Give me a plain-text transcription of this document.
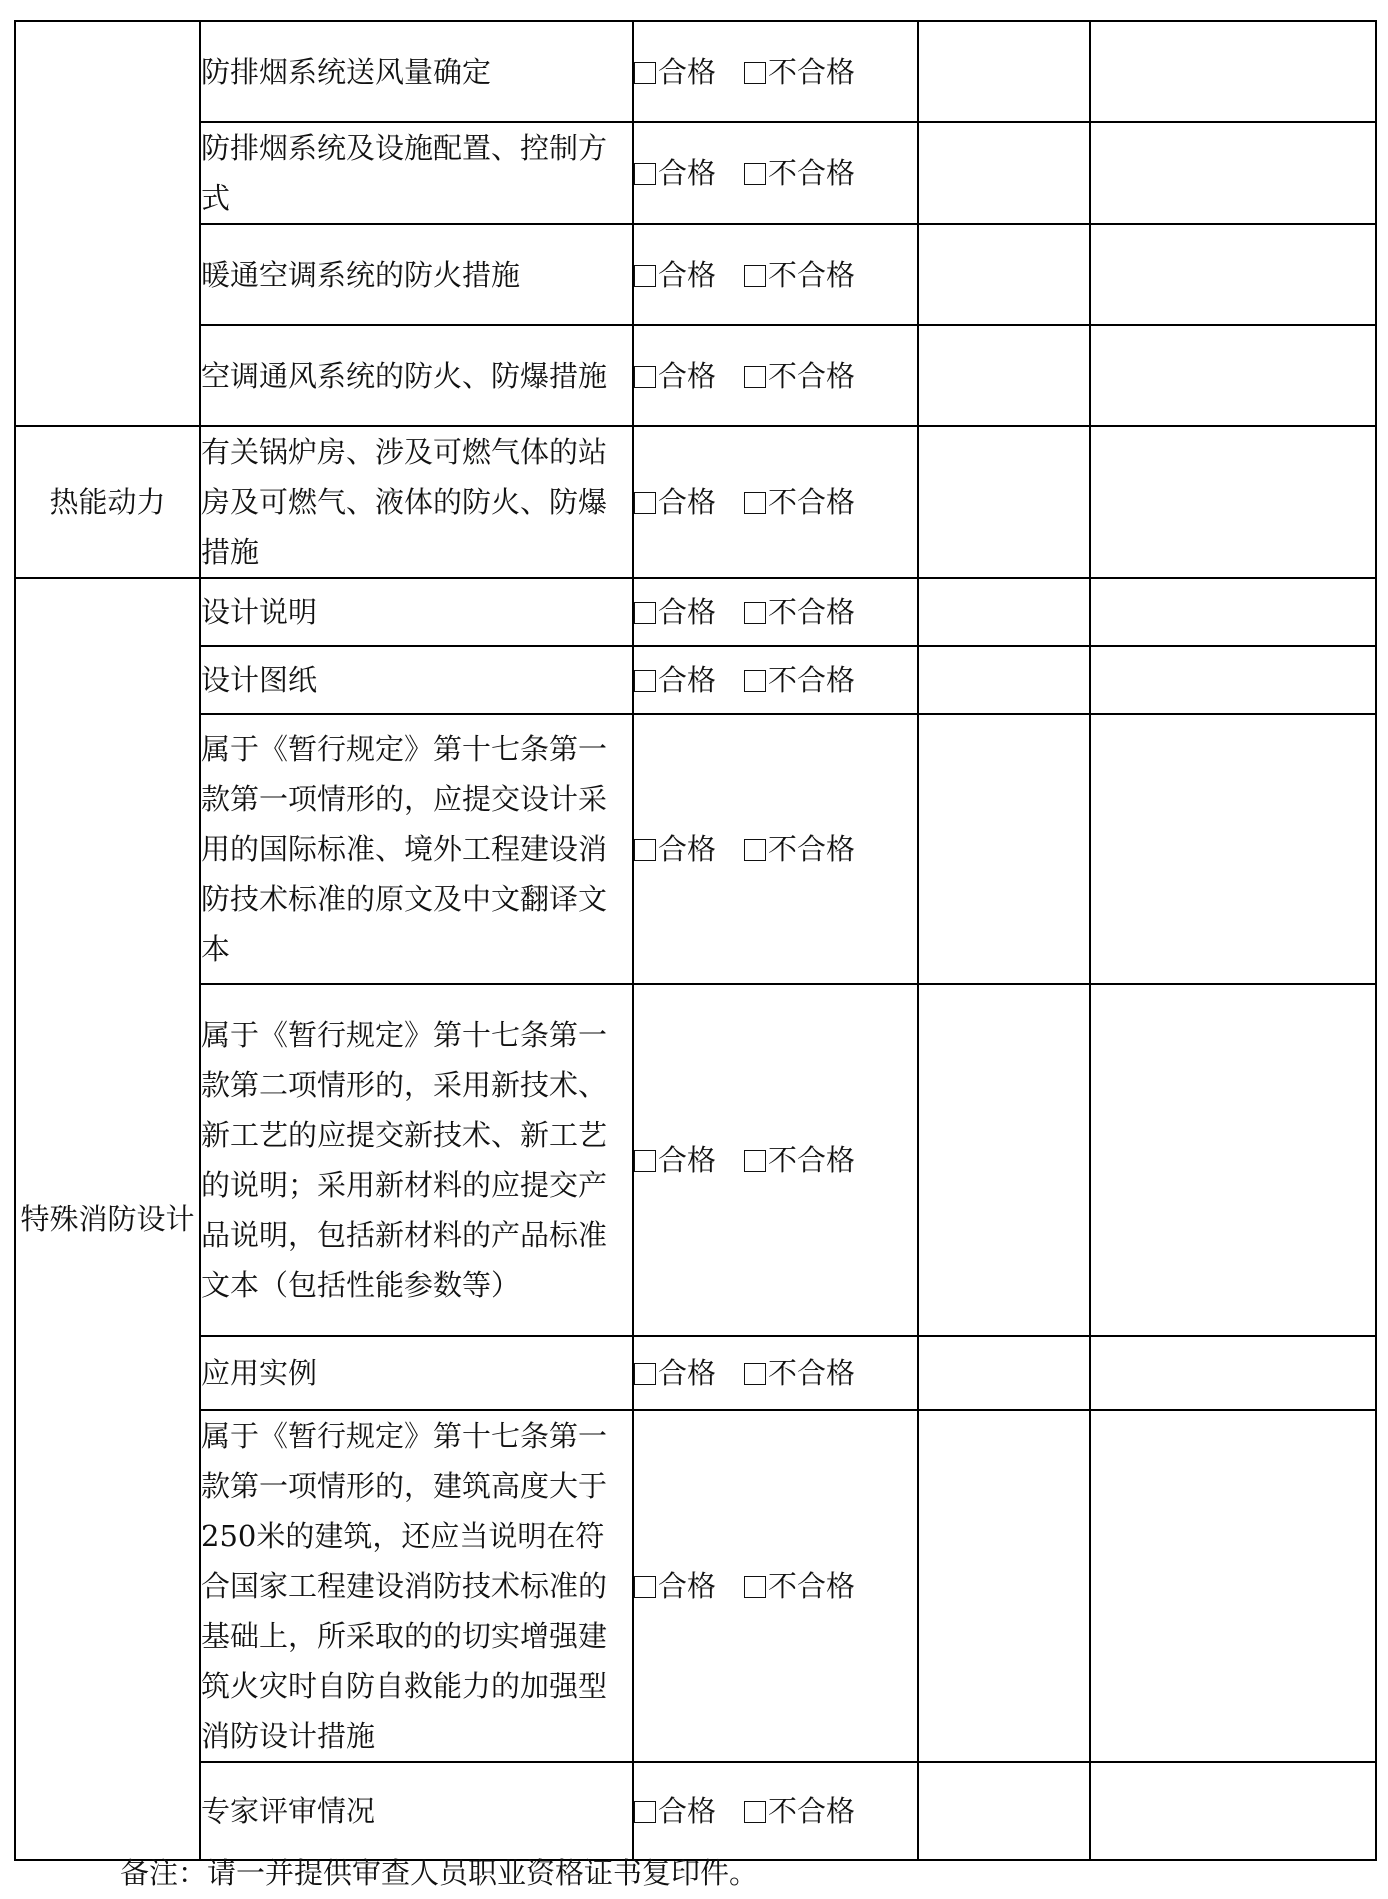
	防排烟系统送风量确定	合格 不合格		
	防排烟系统及设施配置、控制方式	合格 不合格		
	暖通空调系统的防火措施	合格 不合格		
	空调通风系统的防火、防爆措施	合格 不合格		
热能动力	有关锅炉房、涉及可燃气体的站房及可燃气、液体的防火、防爆措施	合格 不合格		
特殊消防设计	设计说明	合格 不合格		
	设计图纸	合格 不合格		
	属于《暂行规定》第十七条第一款第一项情形的，应提交设计采用的国际标准、境外工程建设消防技术标准的原文及中文翻译文本	合格 不合格		
	属于《暂行规定》第十七条第一款第二项情形的，采用新技术、新工艺的应提交新技术、新工艺的说明；采用新材料的应提交产品说明，包括新材料的产品标准文本（包括性能参数等）	合格 不合格		
	应用实例	合格 不合格		
	属于《暂行规定》第十七条第一款第一项情形的，建筑高度大于250米的建筑，还应当说明在符合国家工程建设消防技术标准的基础上，所采取的的切实增强建筑火灾时自防自救能力的加强型消防设计措施	合格 不合格		
	专家评审情况	合格 不合格		
备注：请一并提供审查人员职业资格证书复印件。
